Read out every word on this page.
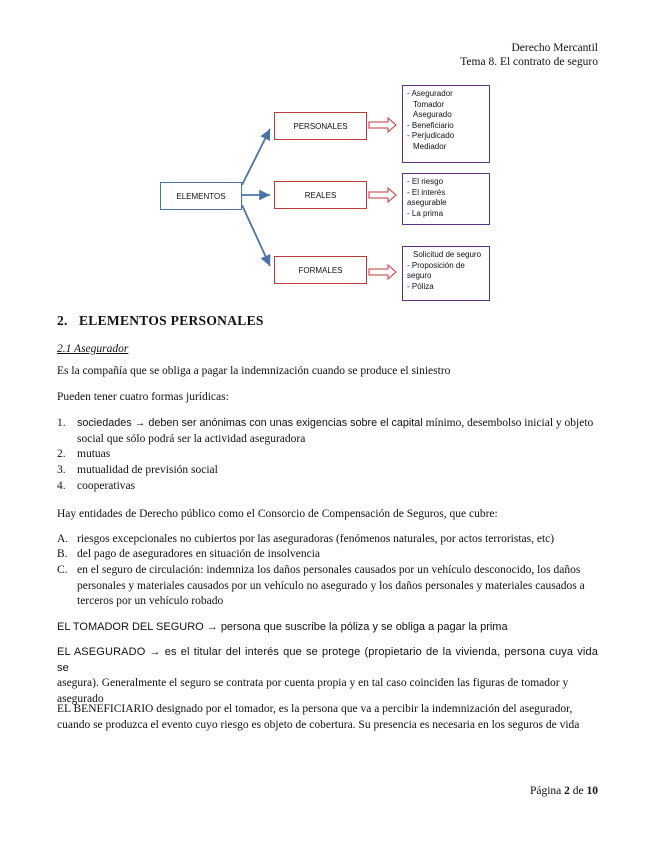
Derecho Mercantil
Tema 8. El contrato de seguro
ELEMENTOS
PERSONALES
REALES
FORMALES
- Asegurador
Tomador
Asegurado
- Beneficiario
- Perjudicado
Mediador
- El riesgo
- El interés
asegurable
- La prima
Solicitud de seguro
- Proposición de
seguro
- Póliza
2. ELEMENTOS PERSONALES
2.1 Asegurador
Es la compañía que se obliga a pagar la indemnización cuando se produce el siniestro
Pueden tener cuatro formas jurídicas:
1. sociedades → deben ser anónimas con unas exigencias sobre el capital mínimo, desembolso inicial y objeto
social que sólo podrá ser la actividad aseguradora
2. mutuas
3. mutualidad de previsión social
4. cooperativas
Hay entidades de Derecho público como el Consorcio de Compensación de Seguros, que cubre:
A. riesgos excepcionales no cubiertos por las aseguradoras (fenómenos naturales, por actos terroristas, etc)
B. del pago de aseguradores en situación de insolvencia
C. en el seguro de circulación: indemniza los daños personales causados por un vehículo desconocido, los daños
personales y materiales causados por un vehículo no asegurado y los daños personales y materiales causados a
terceros por un vehículo robado
EL TOMADOR DEL SEGURO → persona que suscribe la póliza y se obliga a pagar la prima
EL ASEGURADO → es el titular del interés que se protege (propietario de la vivienda, persona cuya vida se
asegura). Generalmente el seguro se contrata por cuenta propia y en tal caso coinciden las figuras de tomador y
asegurado
EL BENEFICIARIO designado por el tomador, es la persona que va a percibir la indemnización del asegurador,
cuando se produzca el evento cuyo riesgo es objeto de cobertura. Su presencia es necesaria en los seguros de vida
Página 2 de 10
